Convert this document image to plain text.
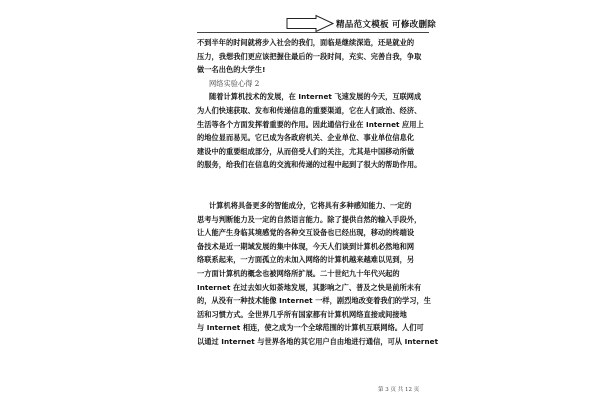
精品范文模板 可修改删除
不到半年的时间就将步入社会的我们，面临是继续深造，还是就业的
压力，我想我们更应该把握住最后的一段时间，充实、完善自我，争取
做一名出色的大学生!
网络实验心得 2
随着计算机技术的发展，在 Internet 飞速发展的今天，互联网成
为人们快速获取、发布和传递信息的重要渠道，它在人们政治、经济、
生活等各个方面发挥着重要的作用。因此通信行业在 Internet 应用上
的地位显而易见。它已成为各政府机关、企业单位、事业单位信息化
建设中的重要组成部分，从而倍受人们的关注，尤其是中国移动所做
的服务，给我们在信息的交流和传递的过程中起到了很大的帮助作用。
计算机将具备更多的智能成分，它将具有多种感知能力、一定的
思考与判断能力及一定的自然语言能力。除了提供自然的输入手段外，
让人能产生身临其境感觉的各种交互设备也已经出现，移动的终端设
备技术是近一期域发展的集中体现，今天人们谈到计算机必然地和网
络联系起来，一方面孤立的未加入网络的计算机越来越难以见到，另
一方面计算机的概念也被网络所扩展。二十世纪九十年代兴起的
Internet 在过去如火如荼地发展，其影响之广、普及之快是前所未有
的，从没有一种技术能像 Internet 一样，剧烈地改变着我们的学习，生
活和习惯方式。全世界几乎所有国家都有计算机网络直接或间接地
与 Internet 相连，使之成为一个全球范围的计算机互联网络。人们可
以通过 Internet 与世界各地的其它用户自由地进行通信，可从 Internet
第 3 页 共 12 页
